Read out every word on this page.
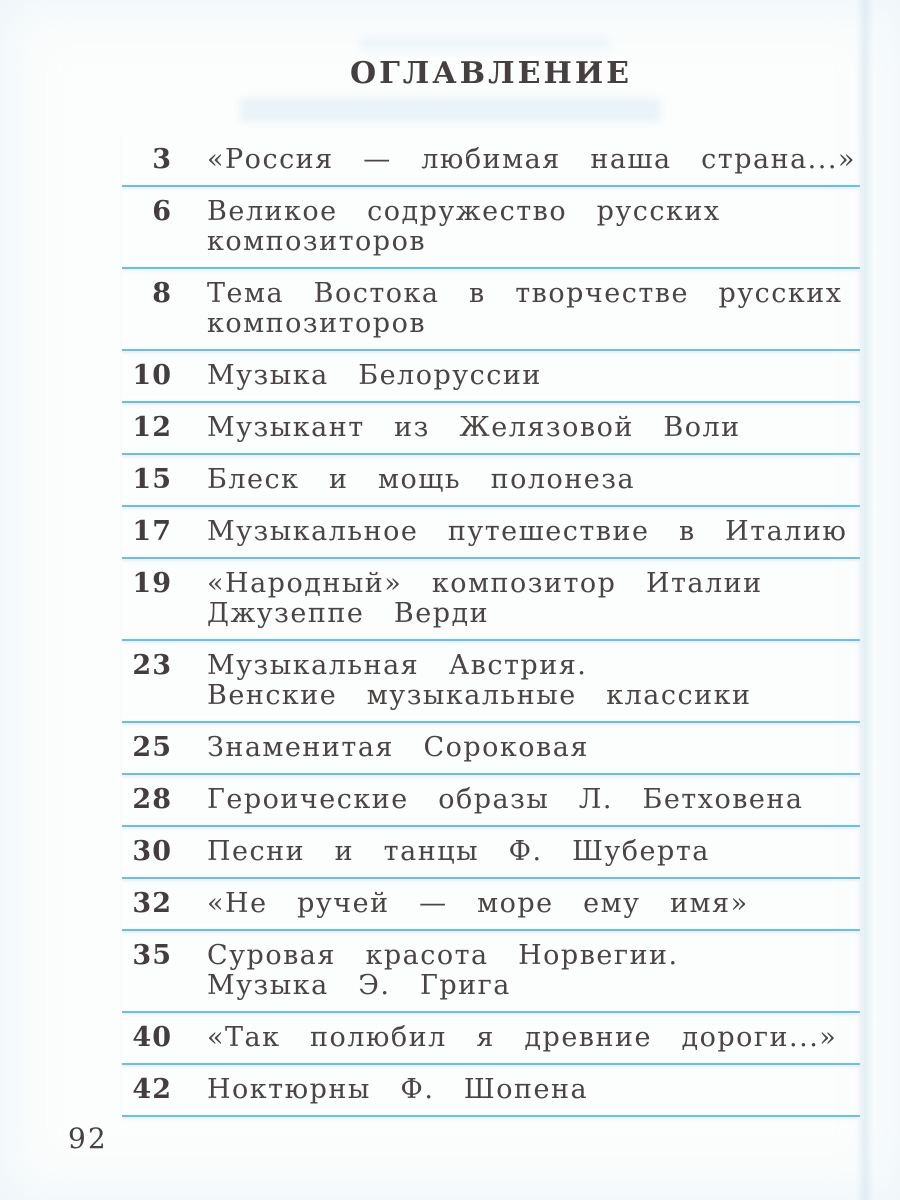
ОГЛАВЛЕНИЕ
3 «Россия — любимая наша страна...»
6 Великое содружество русских
композиторов
8 Тема Востока в творчестве русских
композиторов
10 Музыка Белоруссии
12 Музыкант из Желязовой Воли
15 Блеск и мощь полонеза
17 Музыкальное путешествие в Италию
19 «Народный» композитор Италии
Джузеппе Верди
23 Музыкальная Австрия.
Венские музыкальные классики
25 Знаменитая Сороковая
28 Героические образы Л. Бетховена
30 Песни и танцы Ф. Шуберта
32 «Не ручей — море ему имя»
35 Суровая красота Норвегии.
Музыка Э. Грига
40 «Так полюбил я древние дороги...»
42 Ноктюрны Ф. Шопена
92
